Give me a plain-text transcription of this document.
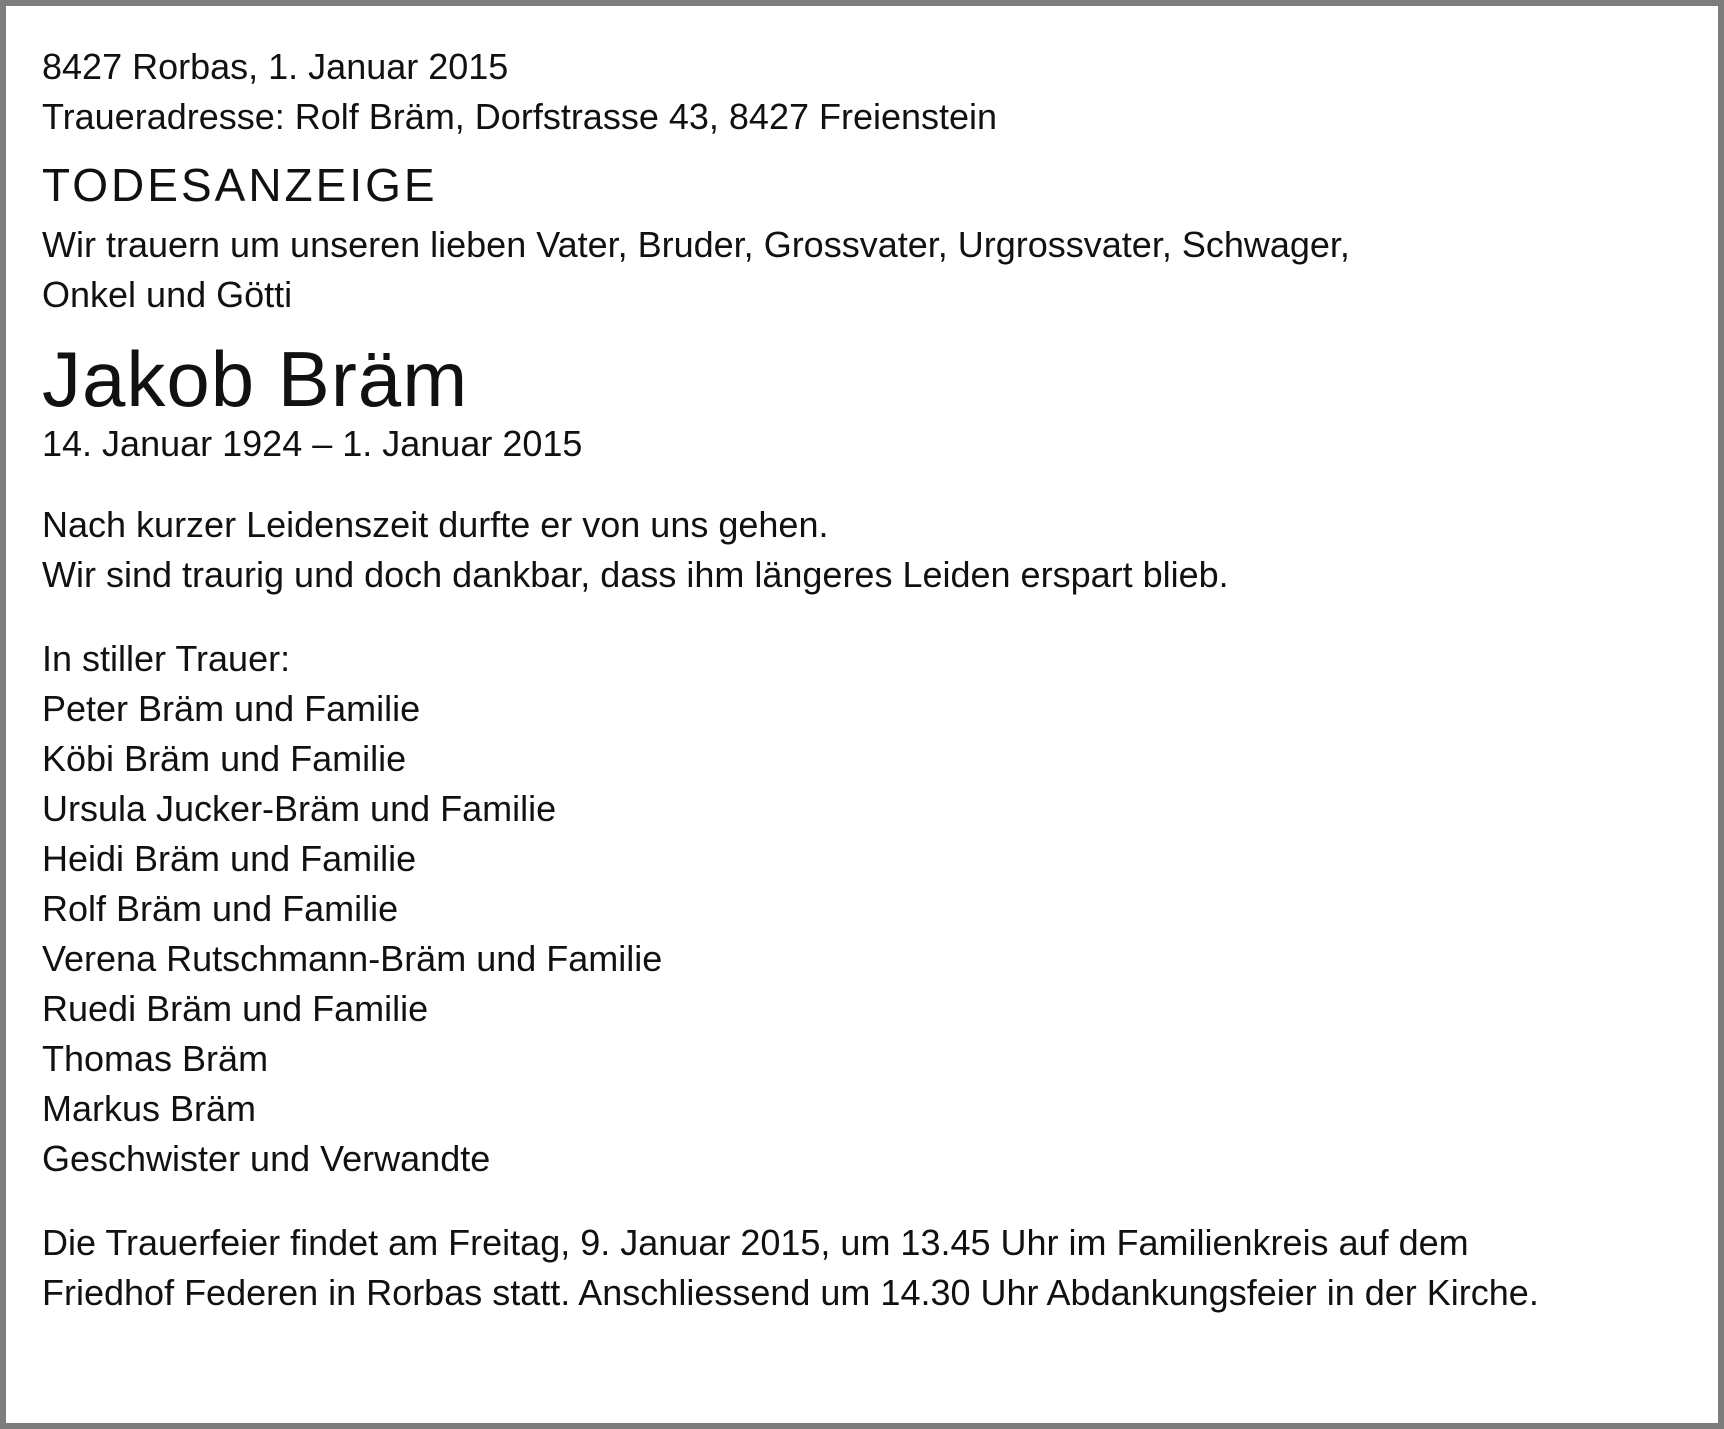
8427 Rorbas, 1. Januar 2015
Traueradresse: Rolf Bräm, Dorfstrasse 43, 8427 Freienstein
TODESANZEIGE
Wir trauern um unseren lieben Vater, Bruder, Grossvater, Urgrossvater, Schwager,
Onkel und Götti
Jakob Bräm
14. Januar 1924 – 1. Januar 2015
Nach kurzer Leidenszeit durfte er von uns gehen.
Wir sind traurig und doch dankbar, dass ihm längeres Leiden erspart blieb.
In stiller Trauer:
Peter Bräm und Familie
Köbi Bräm und Familie
Ursula Jucker-Bräm und Familie
Heidi Bräm und Familie
Rolf Bräm und Familie
Verena Rutschmann-Bräm und Familie
Ruedi Bräm und Familie
Thomas Bräm
Markus Bräm
Geschwister und Verwandte
Die Trauerfeier findet am Freitag, 9. Januar 2015, um 13.45 Uhr im Familienkreis auf dem
Friedhof Federen in Rorbas statt. Anschliessend um 14.30 Uhr Abdankungsfeier in der Kirche.
